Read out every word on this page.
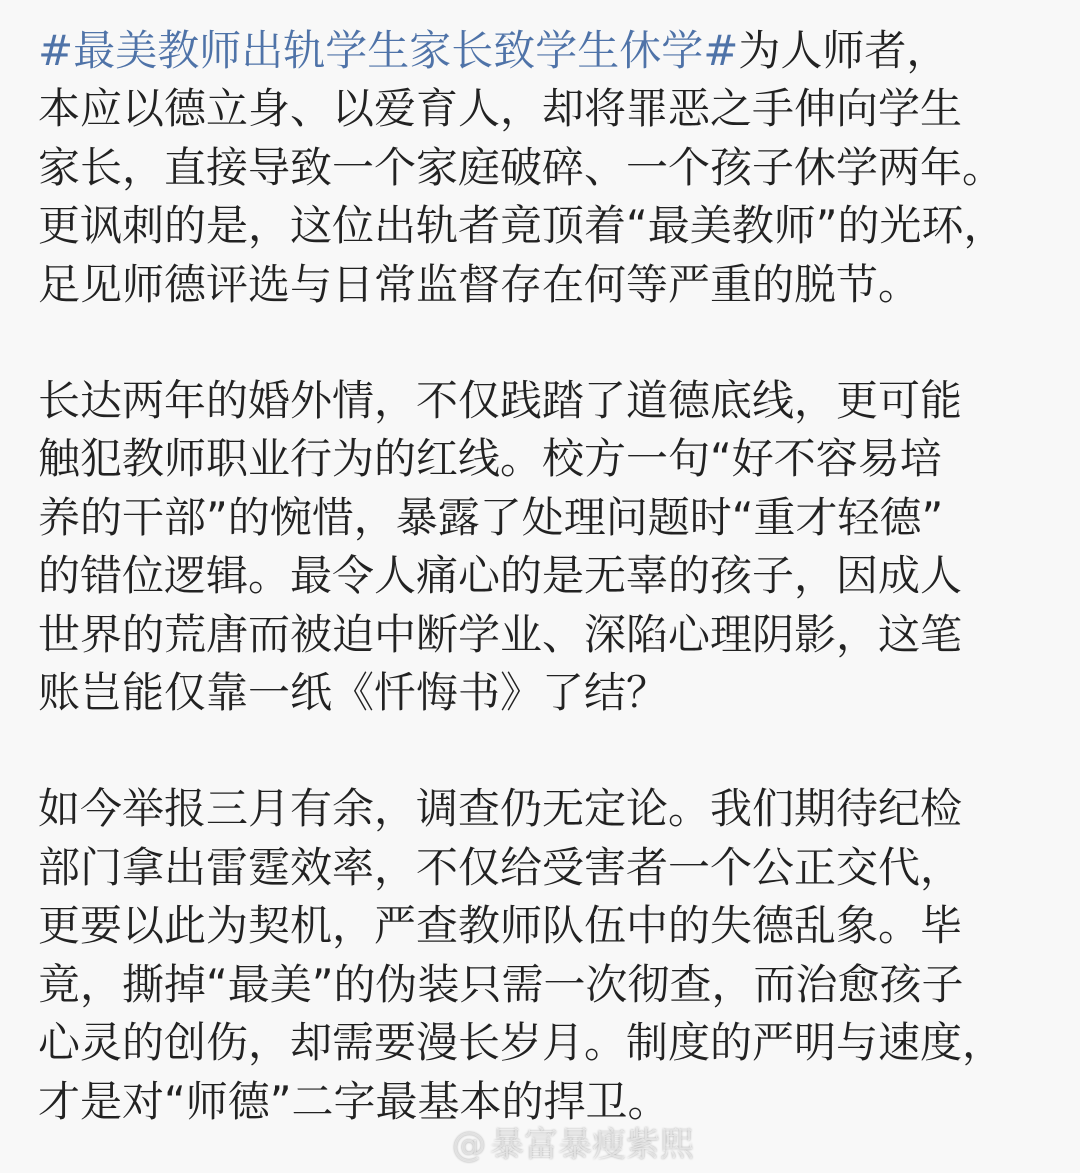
#最美教师出轨学生家长致学生休学#为人师者，
本应以德立身、以爱育人，却将罪恶之手伸向学生
家长，直接导致一个家庭破碎、一个孩子休学两年。
更讽刺的是，这位出轨者竟顶着“最美教师”的光环，
足见师德评选与日常监督存在何等严重的脱节。
长达两年的婚外情，不仅践踏了道德底线，更可能
触犯教师职业行为的红线。校方一句“好不容易培
养的干部”的惋惜，暴露了处理问题时“重才轻德”
的错位逻辑。最令人痛心的是无辜的孩子，因成人
世界的荒唐而被迫中断学业、深陷心理阴影，这笔
账岂能仅靠一纸《忏悔书》了结？
如今举报三月有余，调查仍无定论。我们期待纪检
部门拿出雷霆效率，不仅给受害者一个公正交代，
更要以此为契机，严查教师队伍中的失德乱象。毕
竟，撕掉“最美”的伪装只需一次彻查，而治愈孩子
心灵的创伤，却需要漫长岁月。制度的严明与速度，
才是对“师德”二字最基本的捍卫。
@ 暴富暴瘦紫熙
